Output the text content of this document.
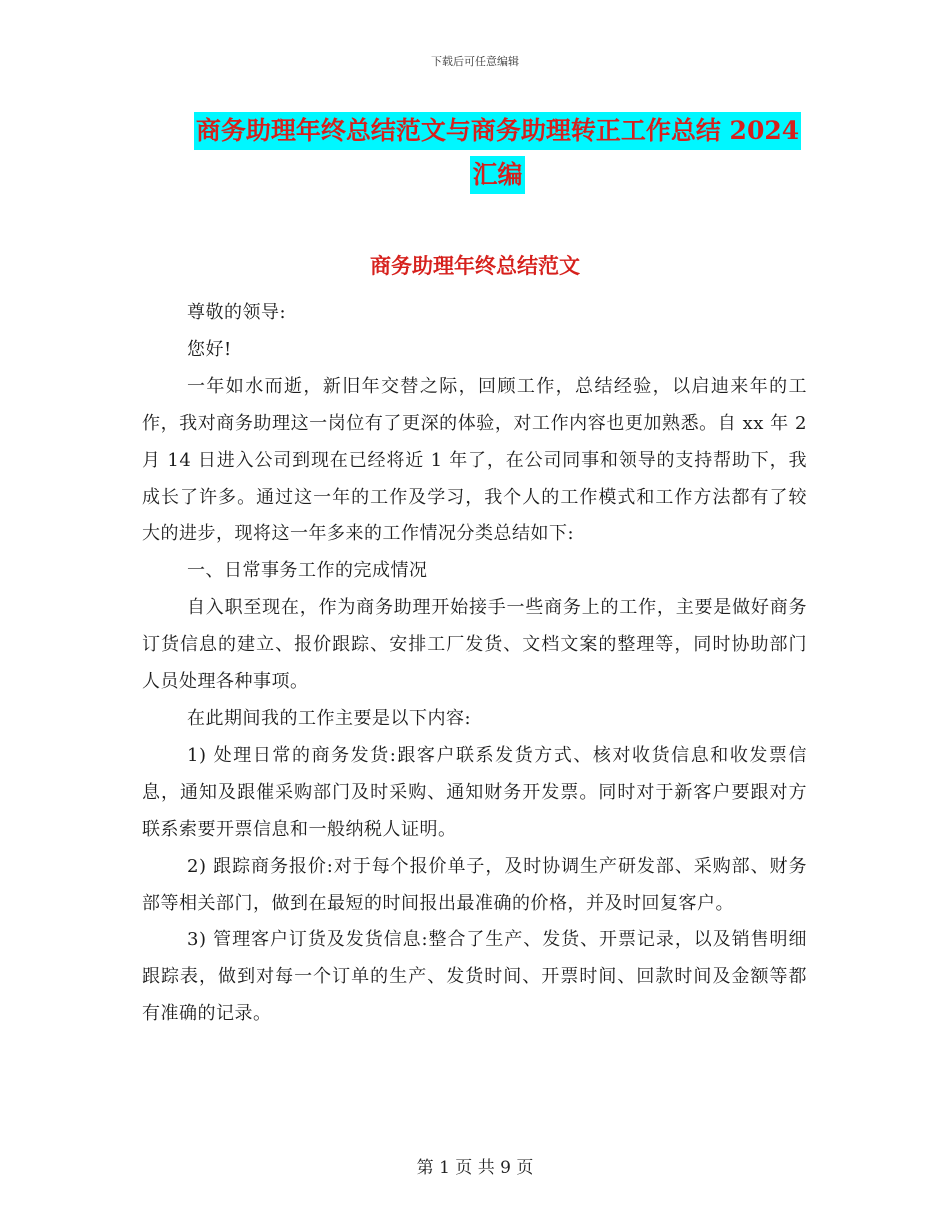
下载后可任意编辑
商务助理年终总结范文与商务助理转正工作总结 2024
汇编
商务助理年终总结范文

尊敬的领导:

您好!

一年如水而逝，新旧年交替之际，回顾工作，总结经验，以启迪来年的工作，我对商务助理这一岗位有了更深的体验，对工作内容也更加熟悉。自 xx 年 2 月 14 日进入公司到现在已经将近 1 年了，在公司同事和领导的支持帮助下，我成长了许多。通过这一年的工作及学习，我个人的工作模式和工作方法都有了较大的进步，现将这一年多来的工作情况分类总结如下:

一、日常事务工作的完成情况

自入职至现在，作为商务助理开始接手一些商务上的工作，主要是做好商务订货信息的建立、报价跟踪、安排工厂发货、文档文案的整理等，同时协助部门人员处理各种事项。

在此期间我的工作主要是以下内容:

1) 处理日常的商务发货:跟客户联系发货方式、核对收货信息和收发票信息，通知及跟催采购部门及时采购、通知财务开发票。同时对于新客户要跟对方联系索要开票信息和一般纳税人证明。

2) 跟踪商务报价:对于每个报价单子，及时协调生产研发部、采购部、财务部等相关部门，做到在最短的时间报出最准确的价格，并及时回复客户。

3) 管理客户订货及发货信息:整合了生产、发货、开票记录，以及销售明细跟踪表，做到对每一个订单的生产、发货时间、开票时间、回款时间及金额等都有准确的记录。

第 1 页 共 9 页
